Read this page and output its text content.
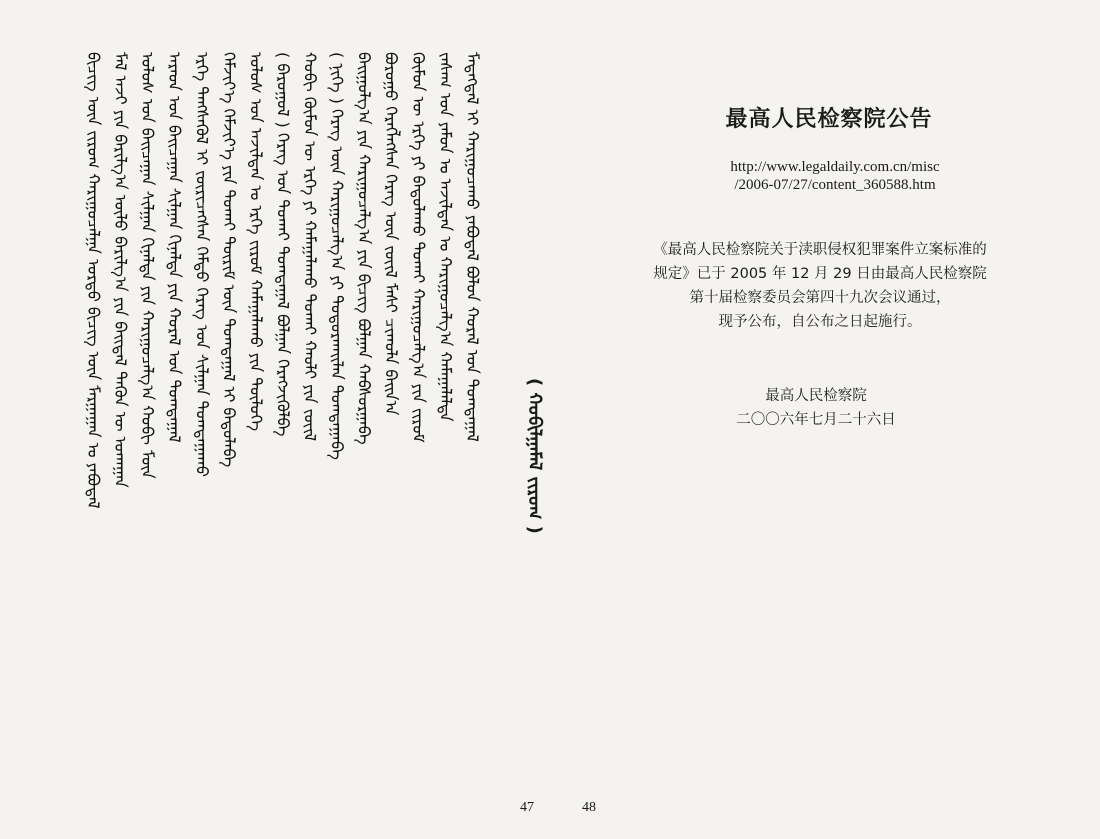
ᠪᠢᠴᠢᠭ ᠦᠨ ᠵᠢᠷᠤᠭ ᠬᠠᠷᠢᠭᠤᠴᠠᠯᠭᠠ ᠤᠷᠳᠤ ᠪᠢᠴᠢᠭ ᠦᠨ ᠮᠠᠷᠭᠠᠭᠠᠨ ᠤ ᠶᠠᠪᠤᠳᠠᠯ ᠮᠠᠯ ᠠᠵᠢ ᠶᠢᠨ ᠪᠠᠷᠢᠯᠭ᠎ᠠ ᠦᠯᠦ ᠪᠠᠷᠢᠯᠭ᠎ᠠ ᠶᠢᠨ ᠪᠠᠢᠳᠠᠯ ᠲᠡᠭᠦᠨ ᠦ ᠤᠬᠠᠭᠠᠨ ᠤᠯᠤᠰ ᠤᠨ ᠪᠠᠢᠴᠠᠭᠠᠨ ᠰᠢᠯᠭᠠᠨ ᠬᠢᠨᠠᠯᠲᠠ ᠶᠢᠨ ᠬᠠᠷᠢᠭᠤᠴᠠᠯᠭ᠎ᠠ ᠬᠤᠪᠢ ᠮᠦᠨ ᠠᠷᠠᠳ ᠤᠨ ᠪᠠᠢᠴᠠᠭᠠᠨ ᠰᠢᠯᠭᠠᠨ ᠬᠢᠨᠠᠯᠲᠠ ᠶᠢᠨ ᠬᠤᠷᠠᠯ ᠤᠨ ᠲᠤᠭᠲᠠᠭᠠᠯ ᠡᠷᠬᠡ ᠲᠡᠩᠰᠡᠭᠦᠯ ᠢ ᠵᠥᠷᠢᠴᠡᠭᠰᠡᠨ ᠭᠡᠮᠲᠦ ᠬᠡᠷᠡᠭ ᠤᠨ ᠰᠢᠯᠭᠠᠨ ᠲᠣᠭᠲᠠᠭᠠᠬᠤ ᠬᠡᠮᠵᠢᠶ᠎ᠡ ᠬᠡᠮᠵᠢᠶ᠎ᠡ ᠶᠢᠨ ᠲᠤᠬᠠᠢ ᠳᠦᠷᠢᠮ ᠦᠨ ᠲᠣᠭᠲᠠᠭᠠᠯ ᠢ ᠪᠠᠲᠤᠯᠠᠪᠠ ᠤᠯᠤᠰ ᠤᠨ ᠠᠵᠢᠯᠲᠠᠨ ᠤ ᠡᠷᠬᠡ ᠵᠢᠷᠤᠮ ᠬᠠᠮᠠᠭᠠᠯᠠᠬᠤ ᠶᠢᠨ ᠲᠥᠯᠦᠭᠡ ( ᠪᠠᠷᠤᠭᠤᠯ ) ᠬᠡᠷᠡᠭ ᠤᠨ ᠲᠤᠬᠠᠢ ᠲᠣᠭᠲᠠᠭᠠᠯ ᠪᠣᠯᠭᠠᠨ ᠬᠡᠷᠡᠭᠵᠢᠭᠦᠯᠪᠡ ᠬᠤᠪᠢ ᠬᠦᠮᠦᠨ ᠦ ᠡᠷᠬᠡ ᠶᠢ ᠬᠠᠮᠠᠭᠠᠯᠠᠬᠤ ᠲᠤᠬᠠᠢ ᠬᠠᠤᠯᠢ ᠶᠢᠨ ᠵᠦᠢᠯ ( ᠨᠢᠭᠡ ) ᠬᠡᠷᠡᠭ ᠦᠨ ᠬᠠᠷᠢᠭᠤᠴᠠᠯᠭ᠎ᠠ ᠶᠢ ᠲᠣᠳᠤᠷᠬᠠᠢᠯᠠᠨ ᠲᠣᠭᠲᠠᠭᠠᠪᠠ ᠪᠠᠢᠭᠤᠯᠭ᠎ᠠ ᠶᠢᠨ ᠬᠠᠷᠢᠭᠤᠴᠠᠯᠭ᠎ᠠ ᠶᠢᠨ ᠪᠢᠴᠢᠭ ᠪᠣᠯᠭᠠᠨ ᠬᠠᠪᠰᠤᠷᠭᠠᠪᠠ ᠪᠤᠷᠤᠭᠤ ᠬᠡᠷᠡᠭᠯᠡᠭᠰᠡᠨ ᠬᠡᠷᠡᠭ ᠦᠨ ᠵᠦᠢᠯ ᠮᠠᠰᠢ ᠴᠢᠬᠤᠯᠠ ᠪᠠᠢᠨ᠎ᠠ ᠬᠦᠮᠦᠨ ᠦ ᠡᠷᠬᠡ ᠶᠢ ᠪᠠᠲᠤᠯᠠᠬᠤ ᠲᠤᠬᠠᠢ ᠬᠠᠷᠢᠭᠤᠴᠠᠯᠭ᠎ᠠ ᠶᠢᠨ ᠵᠢᠷᠤᠮ ᠵᠠᠰᠠᠭ ᠤᠨ ᠶᠠᠮᠤᠨ ᠤ ᠠᠵᠢᠯᠲᠠᠨ ᠤ ᠬᠠᠷᠢᠭᠤᠴᠠᠯᠭ᠎ᠠ ᠬᠠᠮᠠᠭᠠᠯᠠᠯᠲᠠ ᠮᠡᠳᠡᠭᠳᠡᠯ ᠢ ᠬᠠᠷᠢᠭᠤᠴᠠᠬᠤ ᠶᠠᠪᠤᠳᠠᠯ ᠪᠣᠯᠤᠨ ᠬᠤᠷᠠᠯ ᠤᠨ ᠲᠣᠭᠲᠠᠭᠠᠯ
( ᠬᠤᠪᠢᠯᠭᠠᠮᠠᠯ ᠵᠢᠷᠤᠭ )
47
最高人民检察院公告
http://www.legaldaily.com.cn/misc
/2006-07/27/content_360588.htm
《最高人民检察院关于渎职侵权犯罪案件立案标准的
规定》已于 2005 年 12 月 29 日由最高人民检察院
第十届检察委员会第四十九次会议通过，
现予公布，自公布之日起施行。
最高人民检察院
二〇〇六年七月二十六日
48
